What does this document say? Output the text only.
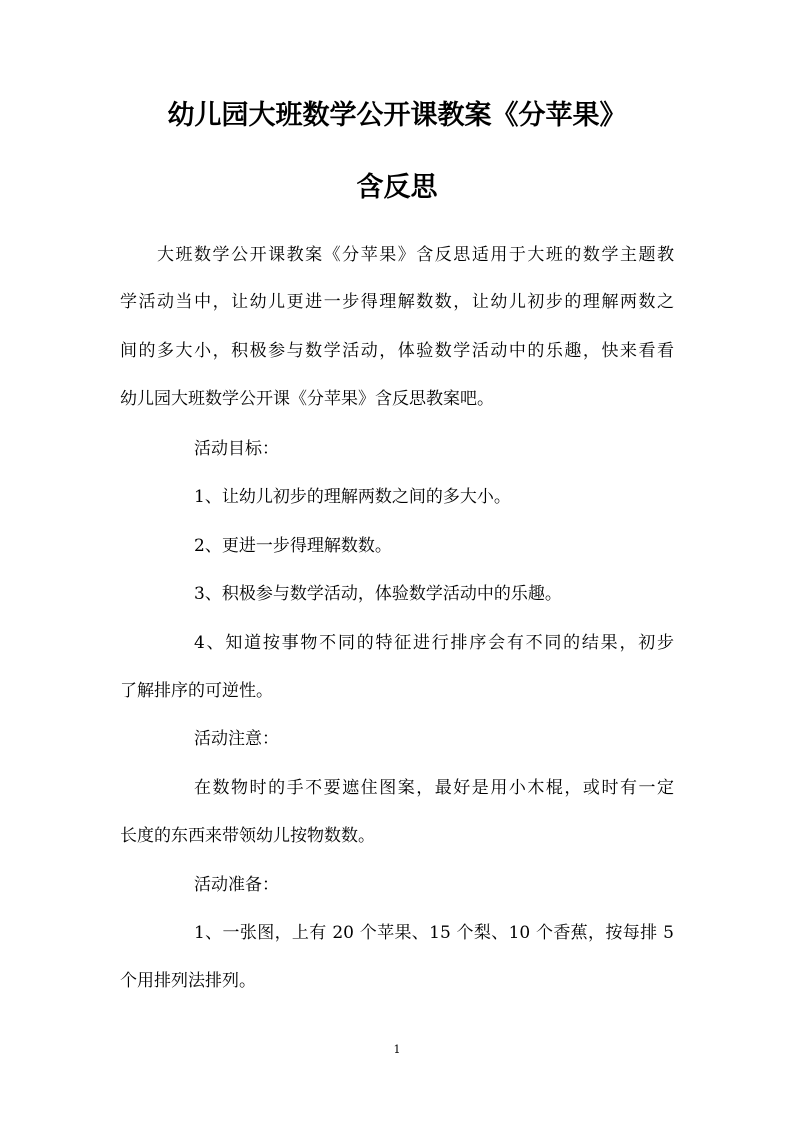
幼儿园大班数学公开课教案《分苹果》
含反思
大班数学公开课教案《分苹果》含反思适用于大班的数学主题教
学活动当中，让幼儿更进一步得理解数数，让幼儿初步的理解两数之
间的多大小，积极参与数学活动，体验数学活动中的乐趣，快来看看
幼儿园大班数学公开课《分苹果》含反思教案吧。
活动目标：
1、让幼儿初步的理解两数之间的多大小。
2、更进一步得理解数数。
3、积极参与数学活动，体验数学活动中的乐趣。
4、知道按事物不同的特征进行排序会有不同的结果，初步
了解排序的可逆性。
活动注意：
在数物时的手不要遮住图案，最好是用小木棍，或时有一定
长度的东西来带领幼儿按物数数。
活动准备：
1、一张图，上有 20 个苹果、15 个梨、10 个香蕉，按每排 5
个用排列法排列。
1
